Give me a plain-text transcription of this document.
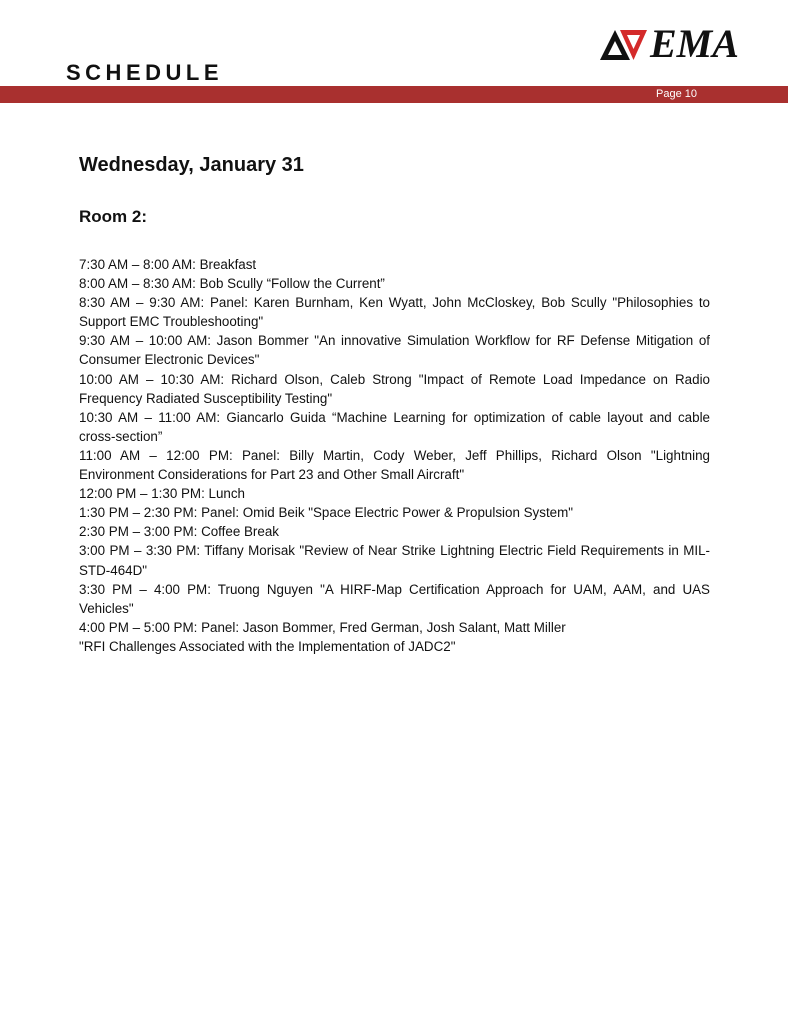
EMA
SCHEDULE
Page 10
Wednesday, January 31
Room 2:
7:30 AM – 8:00 AM: Breakfast
8:00 AM – 8:30 AM: Bob Scully “Follow the Current”
8:30 AM – 9:30 AM: Panel: Karen Burnham, Ken Wyatt, John McCloskey, Bob Scully "Philosophies to Support EMC Troubleshooting"
9:30 AM – 10:00 AM: Jason Bommer "An innovative Simulation Workflow for RF Defense Mitigation of Consumer Electronic Devices"
10:00 AM – 10:30 AM: Richard Olson, Caleb Strong "Impact of Remote Load Impedance on Radio Frequency Radiated Susceptibility Testing"
10:30 AM – 11:00 AM: Giancarlo Guida “Machine Learning for optimization of cable layout and cable cross-section”
11:00 AM – 12:00 PM: Panel: Billy Martin, Cody Weber, Jeff Phillips, Richard Olson "Lightning Environment Considerations for Part 23 and Other Small Aircraft"
12:00 PM – 1:30 PM: Lunch
1:30 PM – 2:30 PM: Panel: Omid Beik "Space Electric Power & Propulsion System"
2:30 PM – 3:00 PM: Coffee Break
3:00 PM – 3:30 PM: Tiffany Morisak "Review of Near Strike Lightning Electric Field Requirements in MIL-STD-464D"
3:30 PM – 4:00 PM: Truong Nguyen "A HIRF-Map Certification Approach for UAM, AAM, and UAS Vehicles"
4:00 PM – 5:00 PM: Panel: Jason Bommer, Fred German, Josh Salant, Matt Miller
"RFI Challenges Associated with the Implementation of JADC2"
